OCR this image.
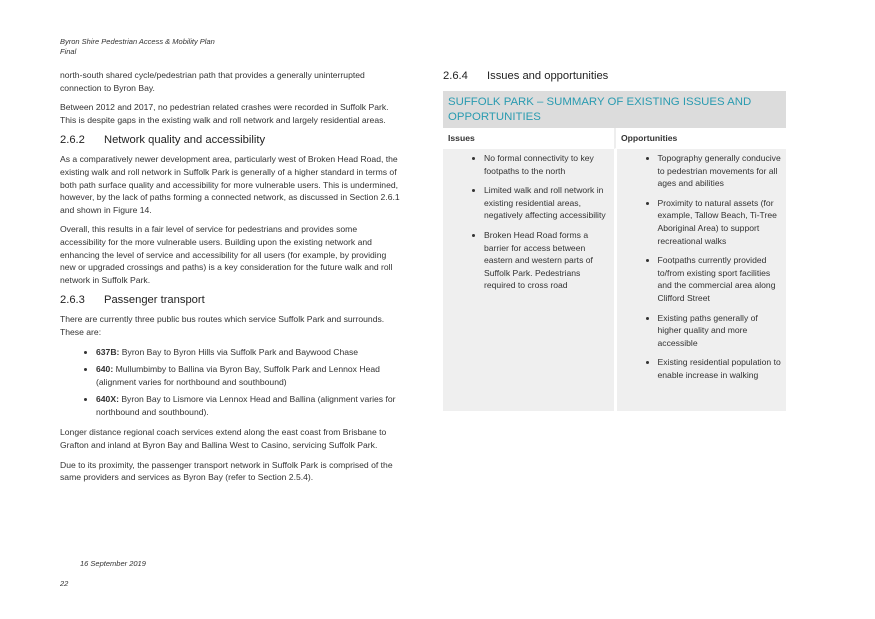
Byron Shire Pedestrian Access & Mobility Plan
Final

north-south shared cycle/pedestrian path that provides a generally uninterrupted connection to Byron Bay.

Between 2012 and 2017, no pedestrian related crashes were recorded in Suffolk Park. This is despite gaps in the existing walk and roll network and largely residential areas.

2.6.2 Network quality and accessibility

As a comparatively newer development area, particularly west of Broken Head Road, the existing walk and roll network in Suffolk Park is generally of a higher standard in terms of both path surface quality and accessibility for more vulnerable users. This is undermined, however, by the lack of paths forming a connected network, as discussed in Section 2.6.1 and shown in Figure 14.

Overall, this results in a fair level of service for pedestrians and provides some accessibility for the more vulnerable users. Building upon the existing network and enhancing the level of service and accessibility for all users (for example, by providing new or upgraded crossings and paths) is a key consideration for the future walk and roll network in Suffolk Park.

2.6.3 Passenger transport

There are currently three public bus routes which service Suffolk Park and surrounds. These are:

• 637B: Byron Bay to Byron Hills via Suffolk Park and Baywood Chase
• 640: Mullumbimby to Ballina via Byron Bay, Suffolk Park and Lennox Head (alignment varies for northbound and southbound)
• 640X: Byron Bay to Lismore via Lennox Head and Ballina (alignment varies for northbound and southbound).

Longer distance regional coach services extend along the east coast from Brisbane to Grafton and inland at Byron Bay and Ballina West to Casino, servicing Suffolk Park.

Due to its proximity, the passenger transport network in Suffolk Park is comprised of the same providers and services as Byron Bay (refer to Section 2.5.4).

2.6.4 Issues and opportunities
SUFFOLK PARK – SUMMARY OF EXISTING ISSUES AND OPPORTUNITIES
Issues	Opportunities
• No formal connectivity to key footpaths to the north
• Limited walk and roll network in existing residential areas, negatively affecting accessibility
• Broken Head Road forms a barrier for access between eastern and western parts of Suffolk Park. Pedestrians required to cross road
• Topography generally conducive to pedestrian movements for all ages and abilities
• Proximity to natural assets (for example, Tallow Beach, Ti-Tree Aboriginal Area) to support recreational walks
• Footpaths currently provided to/from existing sport facilities and the commercial area along Clifford Street
• Existing paths generally of higher quality and more accessible
• Existing residential population to enable increase in walking
16 September 2019
22
